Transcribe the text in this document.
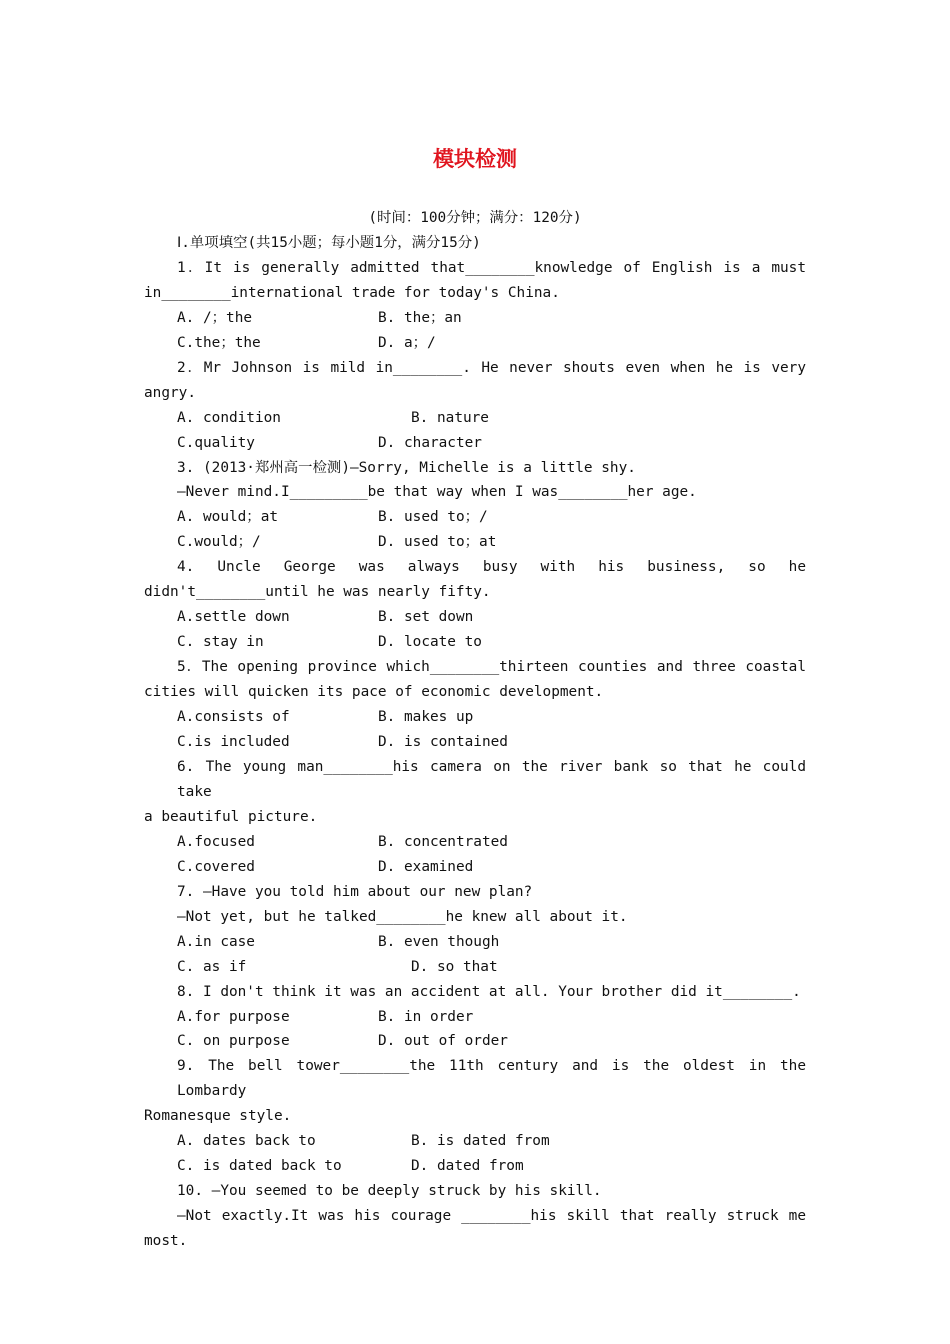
模块检测

(时间：100分钟；满分：120分)

Ⅰ.单项填空(共15小题；每小题1分，满分15分)

1．It is generally admitted that________knowledge of English is a must

in________international trade for today's China.

A. /；the	B. the；an
C.the；the	D. a；/

2．Mr Johnson is mild in________. He never shouts even when he is very

angry.

A. condition	B. nature
C.quality	D. character

3. (2013·郑州高一检测)—Sorry, Michelle is a little shy.

—Never mind.I_________be that way when I was________her age.

A. would；at	B. used to；/
C.would；/	D. used to；at

4. Uncle George was always busy with his business, so he

didn't________until he was nearly fifty.

A.settle down	B. set down
C. stay in	D. locate to

5．The opening province which________thirteen counties and three coastal

cities will quicken its pace of economic development.

A.consists of	B. makes up
C.is included	D. is contained

6. The young man________his camera on the river bank so that he could take

a beautiful picture.

A.focused	B. concentrated
C.covered	D. examined

7. —Have you told him about our new plan?

—Not yet, but he talked________he knew all about it.

A.in case	B. even though
C. as if	D. so that

8. I don't think it was an accident at all. Your brother did it________.

A.for purpose	B. in order
C. on purpose	D. out of order

9. The bell tower________the 11th century and is the oldest in the Lombardy

Romanesque style.

A. dates back to	B. is dated from
C. is dated back to	D. dated from

10. —You seemed to be deeply struck by his skill.

—Not exactly.It was his courage ________his skill that really struck me

most.
